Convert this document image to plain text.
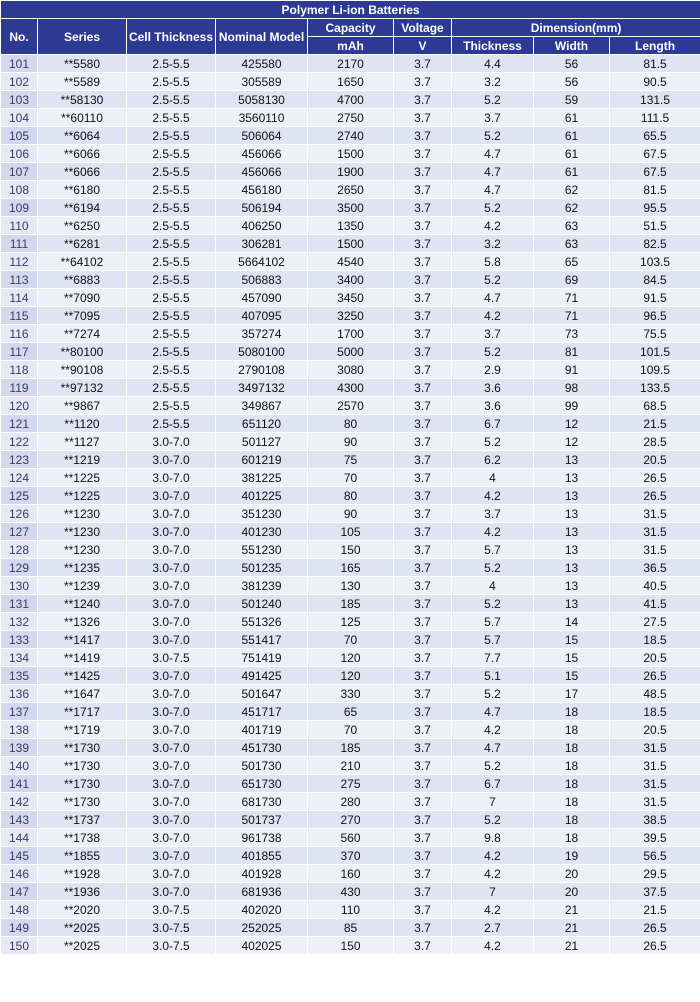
Polymer Li-ion Batteries								
No.	Series	Cell Thickness	Nominal Model	Capacity	Voltage	Dimension(mm)		
				mAh	V	Thickness	Width	Length
101	**5580	2.5-5.5	425580	2170	3.7	4.4	56	81.5
102	**5589	2.5-5.5	305589	1650	3.7	3.2	56	90.5
103	**58130	2.5-5.5	5058130	4700	3.7	5.2	59	131.5
104	**60110	2.5-5.5	3560110	2750	3.7	3.7	61	111.5
105	**6064	2.5-5.5	506064	2740	3.7	5.2	61	65.5
106	**6066	2.5-5.5	456066	1500	3.7	4.7	61	67.5
107	**6066	2.5-5.5	456066	1900	3.7	4.7	61	67.5
108	**6180	2.5-5.5	456180	2650	3.7	4.7	62	81.5
109	**6194	2.5-5.5	506194	3500	3.7	5.2	62	95.5
110	**6250	2.5-5.5	406250	1350	3.7	4.2	63	51.5
111	**6281	2.5-5.5	306281	1500	3.7	3.2	63	82.5
112	**64102	2.5-5.5	5664102	4540	3.7	5.8	65	103.5
113	**6883	2.5-5.5	506883	3400	3.7	5.2	69	84.5
114	**7090	2.5-5.5	457090	3450	3.7	4.7	71	91.5
115	**7095	2.5-5.5	407095	3250	3.7	4.2	71	96.5
116	**7274	2.5-5.5	357274	1700	3.7	3.7	73	75.5
117	**80100	2.5-5.5	5080100	5000	3.7	5.2	81	101.5
118	**90108	2.5-5.5	2790108	3080	3.7	2.9	91	109.5
119	**97132	2.5-5.5	3497132	4300	3.7	3.6	98	133.5
120	**9867	2.5-5.5	349867	2570	3.7	3.6	99	68.5
121	**1120	2.5-5.5	651120	80	3.7	6.7	12	21.5
122	**1127	3.0-7.0	501127	90	3.7	5.2	12	28.5
123	**1219	3.0-7.0	601219	75	3.7	6.2	13	20.5
124	**1225	3.0-7.0	381225	70	3.7	4	13	26.5
125	**1225	3.0-7.0	401225	80	3.7	4.2	13	26.5
126	**1230	3.0-7.0	351230	90	3.7	3.7	13	31.5
127	**1230	3.0-7.0	401230	105	3.7	4.2	13	31.5
128	**1230	3.0-7.0	551230	150	3.7	5.7	13	31.5
129	**1235	3.0-7.0	501235	165	3.7	5.2	13	36.5
130	**1239	3.0-7.0	381239	130	3.7	4	13	40.5
131	**1240	3.0-7.0	501240	185	3.7	5.2	13	41.5
132	**1326	3.0-7.0	551326	125	3.7	5.7	14	27.5
133	**1417	3.0-7.0	551417	70	3.7	5.7	15	18.5
134	**1419	3.0-7.5	751419	120	3.7	7.7	15	20.5
135	**1425	3.0-7.0	491425	120	3.7	5.1	15	26.5
136	**1647	3.0-7.0	501647	330	3.7	5.2	17	48.5
137	**1717	3.0-7.0	451717	65	3.7	4.7	18	18.5
138	**1719	3.0-7.0	401719	70	3.7	4.2	18	20.5
139	**1730	3.0-7.0	451730	185	3.7	4.7	18	31.5
140	**1730	3.0-7.0	501730	210	3.7	5.2	18	31.5
141	**1730	3.0-7.0	651730	275	3.7	6.7	18	31.5
142	**1730	3.0-7.0	681730	280	3.7	7	18	31.5
143	**1737	3.0-7.0	501737	270	3.7	5.2	18	38.5
144	**1738	3.0-7.0	961738	560	3.7	9.8	18	39.5
145	**1855	3.0-7.0	401855	370	3.7	4.2	19	56.5
146	**1928	3.0-7.0	401928	160	3.7	4.2	20	29.5
147	**1936	3.0-7.0	681936	430	3.7	7	20	37.5
148	**2020	3.0-7.5	402020	110	3.7	4.2	21	21.5
149	**2025	3.0-7.5	252025	85	3.7	2.7	21	26.5
150	**2025	3.0-7.5	402025	150	3.7	4.2	21	26.5
